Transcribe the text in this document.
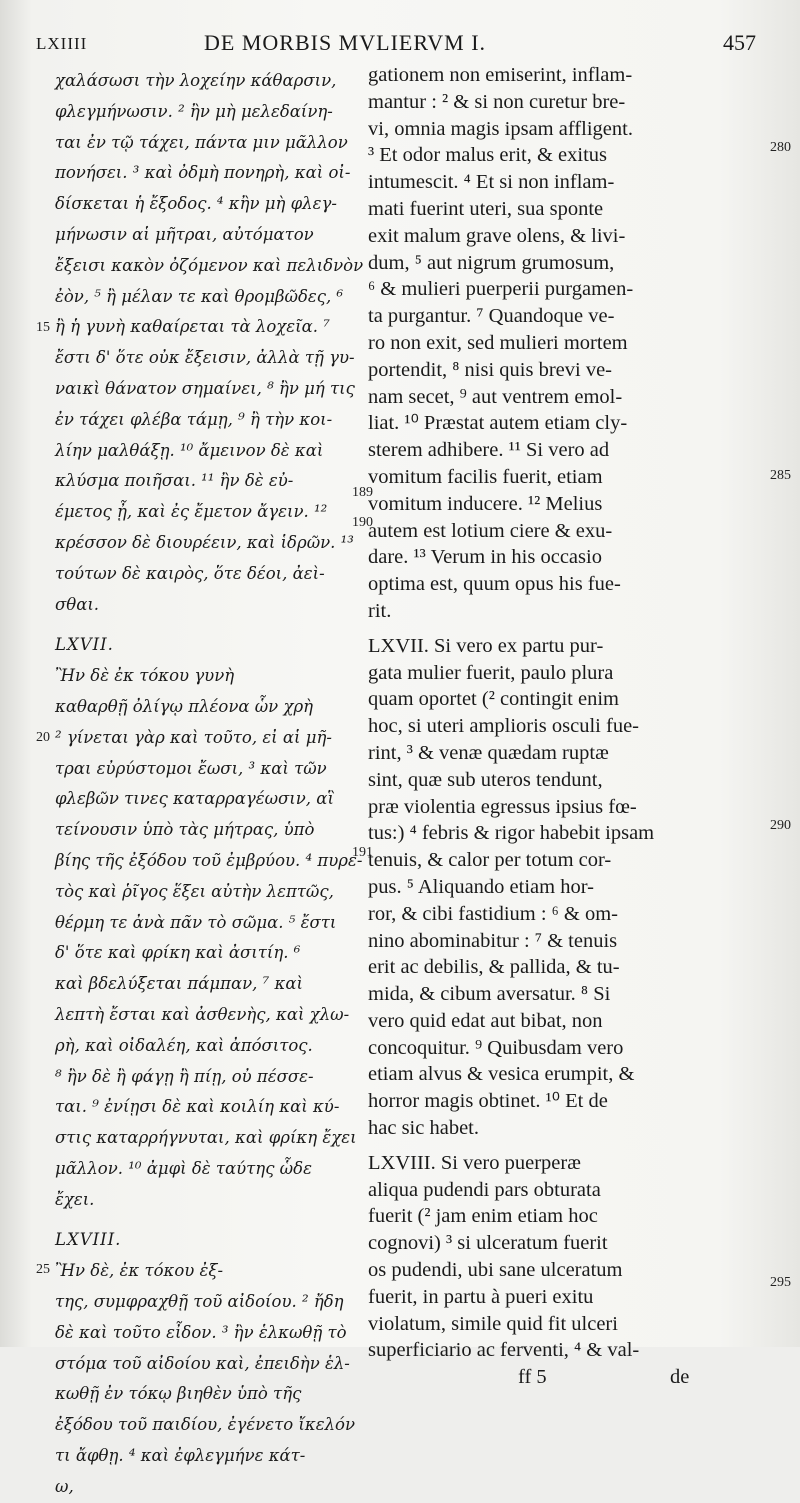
LXIIII	DE MORBIS MVLIERVM I.	457
χαλάσωσι τὴν λοχείην κάθαρσιν,
φλεγμήνωσιν. ² ἢν μὴ μελεδαίνη-
ται ἐν τῷ τάχει, πάντα μιν μᾶλλον
πονήσει. ³ καὶ ὀδμὴ πονηρὴ, καὶ οἰ-
δίσκεται ἡ ἔξοδος. ⁴ κἢν μὴ φλεγ-
μήνωσιν αἱ μῆτραι, αὐτόματον
ἔξεισι κακὸν ὀζόμενον καὶ πελιδνὸν
ἐὸν, ⁵ ἢ μέλαν τε καὶ θρομβῶδες, ⁶
ἢ ἡ γυνὴ καθαίρεται τὰ λοχεῖα. ⁷
ἔστι δ' ὅτε οὐκ ἔξεισιν, ἀλλὰ τῇ γυ-
ναικὶ θάνατον σημαίνει, ⁸ ἢν μή τις
ἐν τάχει φλέβα τάμῃ, ⁹ ἢ τὴν κοι-
λίην μαλθάξῃ. ¹⁰ ἄμεινον δὲ καὶ
κλύσμα ποιῆσαι. ¹¹ ἢν δὲ εὐ-
έμετος ᾖ, καὶ ἐς ἔμετον ἄγειν. ¹²
κρέσσον δὲ διουρέειν, καὶ ἱδρῶν. ¹³
τούτων δὲ καιρὸς, ὅτε δέοι, ἀεὶ-
σθαι.
LXVII.
Ἢν δὲ ἐκ τόκου γυνὴ
καθαρθῇ ὀλίγῳ πλέονα ὧν χρὴ
² γίνεται γὰρ καὶ τοῦτο, εἰ αἱ μῆ-
τραι εὐρύστομοι ἔωσι, ³ καὶ τῶν
φλεβῶν τινες καταρραγέωσιν, αἳ
τείνουσιν ὑπὸ τὰς μήτρας, ὑπὸ
βίης τῆς ἐξόδου τοῦ ἐμβρύου. ⁴ πυρε-
τὸς καὶ ῥῖγος ἕξει αὐτὴν λεπτῶς,
θέρμη τε ἀνὰ πᾶν τὸ σῶμα. ⁵ ἔστι
δ' ὅτε καὶ φρίκη καὶ ἀσιτίη. ⁶
καὶ βδελύξεται πάμπαν, ⁷ καὶ
λεπτὴ ἔσται καὶ ἀσθενὴς, καὶ χλω-
ρὴ, καὶ οἰδαλέη, καὶ ἀπόσιτος.
⁸ ἢν δὲ ἢ φάγῃ ἢ πίῃ, οὐ πέσσε-
ται. ⁹ ἐνίῃσι δὲ καὶ κοιλίη καὶ κύ-
στις καταρρήγνυται, καὶ φρίκη ἔχει
μᾶλλον. ¹⁰ ἀμφὶ δὲ ταύτης ὧδε
ἔχει.
LXVIII.
Ἢν δὲ, ἐκ τόκου ἐξ-
της, συμφραχθῇ τοῦ αἰδοίου. ² ἤδη
δὲ καὶ τοῦτο εἶδον. ³ ἢν ἑλκωθῇ τὸ
στόμα τοῦ αἰδοίου καὶ, ἐπειδὴν ἑλ-
κωθῇ ἐν τόκῳ βιηθὲν ὑπὸ τῆς
ἐξόδου τοῦ παιδίου, ἐγένετο ἴκελόν
τι ἄφθῃ. ⁴ καὶ ἐφλεγμήνε κάτ-
ω,
gationem non emiserint, inflam-
mantur : ² & si non curetur bre-
vi, omnia magis ipsam affligent.
³ Et odor malus erit, & exitus
intumescit. ⁴ Et si non inflam-
mati fuerint uteri, sua sponte
exit malum grave olens, & livi-
dum, ⁵ aut nigrum grumosum,
⁶ & mulieri puerperii purgamen-
ta purgantur. ⁷ Quandoque ve-
ro non exit, sed mulieri mortem
portendit, ⁸ nisi quis brevi ve-
nam secet, ⁹ aut ventrem emol-
liat. ¹⁰ Præstat autem etiam cly-
sterem adhibere. ¹¹ Si vero ad
vomitum facilis fuerit, etiam
vomitum inducere. ¹² Melius
autem est lotium ciere & exu-
dare. ¹³ Verum in his occasio
optima est, quum opus his fue-
rit.
LXVII. Si vero ex partu pur-
gata mulier fuerit, paulo plura
quam oportet (² contingit enim
hoc, si uteri amplioris osculi fue-
rint, ³ & venæ quædam ruptæ
sint, quæ sub uteros tendunt,
præ violentia egressus ipsius fœ-
tus:) ⁴ febris & rigor habebit ipsam
tenuis, & calor per totum cor-
pus. ⁵ Aliquando etiam hor-
ror, & cibi fastidium : ⁶ & om-
nino abominabitur : ⁷ & tenuis
erit ac debilis, & pallida, & tu-
mida, & cibum aversatur. ⁸ Si
vero quid edat aut bibat, non
concoquitur. ⁹ Quibusdam vero
etiam alvus & vesica erumpit, &
horror magis obtinet. ¹⁰ Et de
hac sic habet.
LXVIII. Si vero puerperæ
aliqua pudendi pars obturata
fuerit (² jam enim etiam hoc
cognovi) ³ si ulceratum fuerit
os pudendi, ubi sane ulceratum
fuerit, in partu à pueri exitu
violatum, simile quid fit ulceri
superficiario ac ferventi, ⁴ & val-
ff 5	de
15
20
25
189
190
191
280
285
290
295
